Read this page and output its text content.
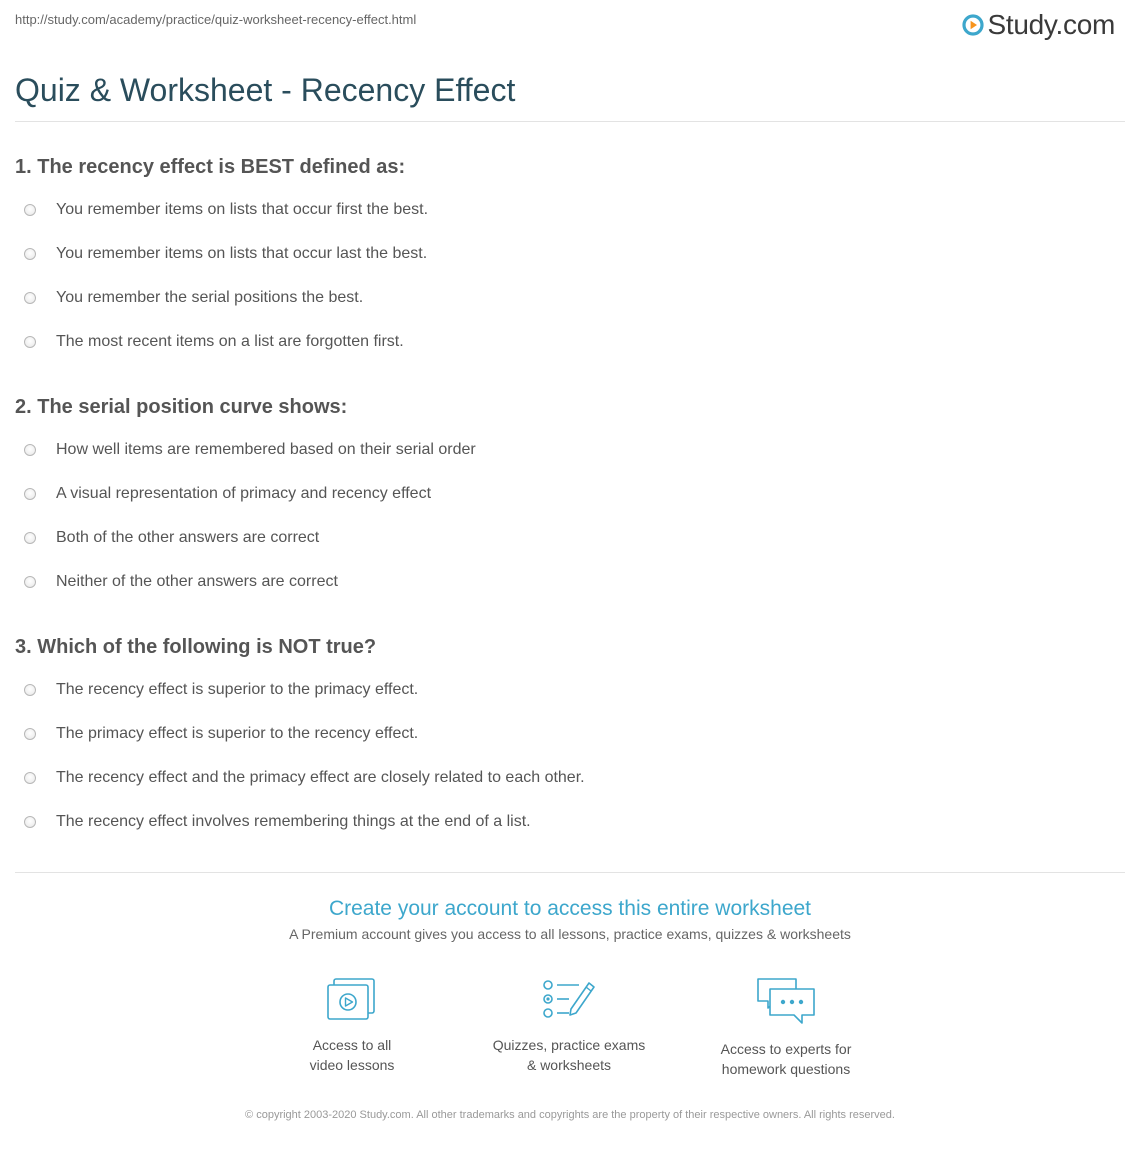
http://study.com/academy/practice/quiz-worksheet-recency-effect.html	Study.com
Quiz & Worksheet - Recency Effect
1. The recency effect is BEST defined as:
You remember items on lists that occur first the best.
You remember items on lists that occur last the best.
You remember the serial positions the best.
The most recent items on a list are forgotten first.
2. The serial position curve shows:
How well items are remembered based on their serial order
A visual representation of primacy and recency effect
Both of the other answers are correct
Neither of the other answers are correct
3. Which of the following is NOT true?
The recency effect is superior to the primacy effect.
The primacy effect is superior to the recency effect.
The recency effect and the primacy effect are closely related to each other.
The recency effect involves remembering things at the end of a list.

Create your account to access this entire worksheet

A Premium account gives you access to all lessons, practice exams, quizzes & worksheets
Access to all
video lessons
Quizzes, practice exams
& worksheets
Access to experts for
homework questions
© copyright 2003-2020 Study.com. All other trademarks and copyrights are the property of their respective owners. All rights reserved.
